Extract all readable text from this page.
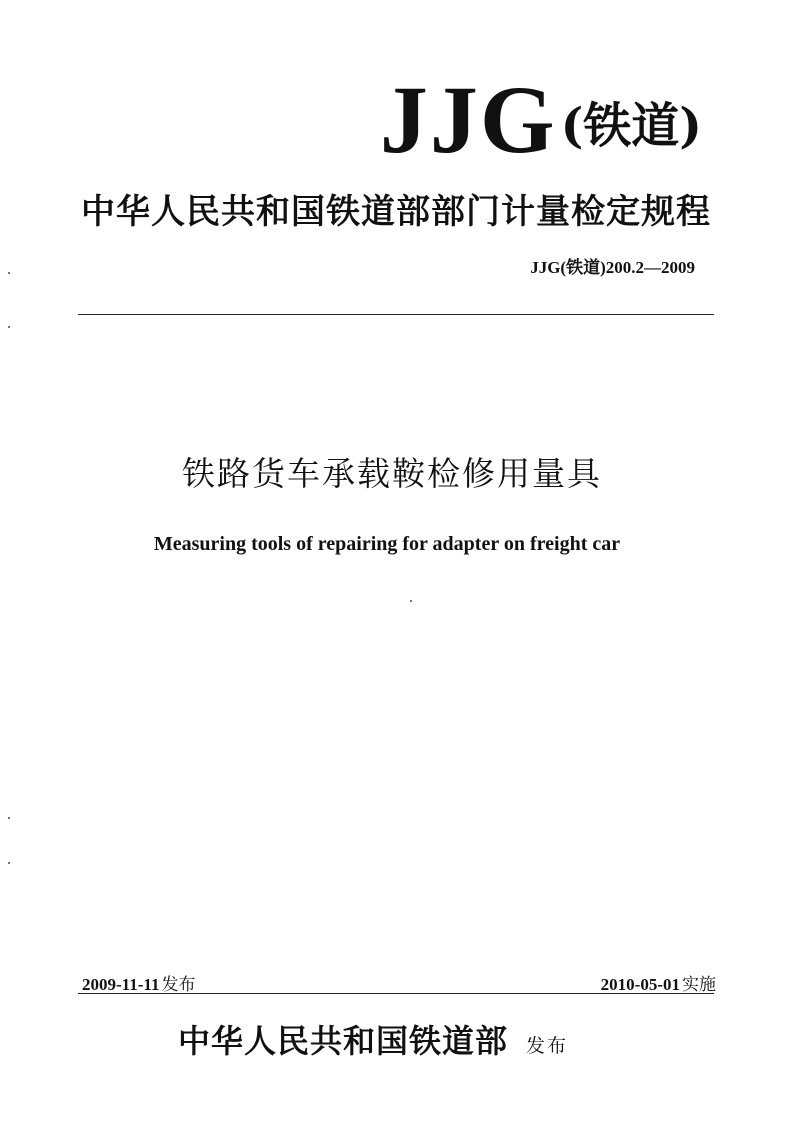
JJG(铁道)
中华人民共和国铁道部部门计量检定规程
JJG(铁道)200.2—2009
铁路货车承载鞍检修用量具
Measuring tools of repairing for adapter on freight car
2009-11-11 发布	2010-05-01 实施
中华人民共和国铁道部 发布
